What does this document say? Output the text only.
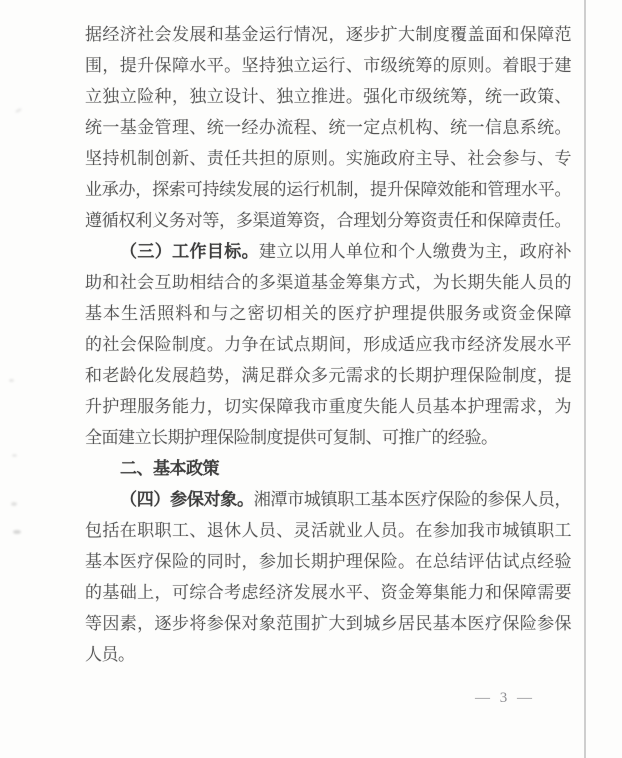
据经济社会发展和基金运行情况，逐步扩大制度覆盖面和保障范
围，提升保障水平。坚持独立运行、市级统筹的原则。着眼于建
立独立险种，独立设计、独立推进。强化市级统筹，统一政策、
统一基金管理、统一经办流程、统一定点机构、统一信息系统。
坚持机制创新、责任共担的原则。实施政府主导、社会参与、专
业承办，探索可持续发展的运行机制，提升保障效能和管理水平。
遵循权利义务对等，多渠道筹资，合理划分筹资责任和保障责任。
（三）工作目标。建立以用人单位和个人缴费为主，政府补
助和社会互助相结合的多渠道基金筹集方式，为长期失能人员的
基本生活照料和与之密切相关的医疗护理提供服务或资金保障
的社会保险制度。力争在试点期间，形成适应我市经济发展水平
和老龄化发展趋势，满足群众多元需求的长期护理保险制度，提
升护理服务能力，切实保障我市重度失能人员基本护理需求，为
全面建立长期护理保险制度提供可复制、可推广的经验。
二、基本政策
（四）参保对象。湘潭市城镇职工基本医疗保险的参保人员，
包括在职职工、退休人员、灵活就业人员。在参加我市城镇职工
基本医疗保险的同时，参加长期护理保险。在总结评估试点经验
的基础上，可综合考虑经济发展水平、资金筹集能力和保障需要
等因素，逐步将参保对象范围扩大到城乡居民基本医疗保险参保
人员。
— 3 —
